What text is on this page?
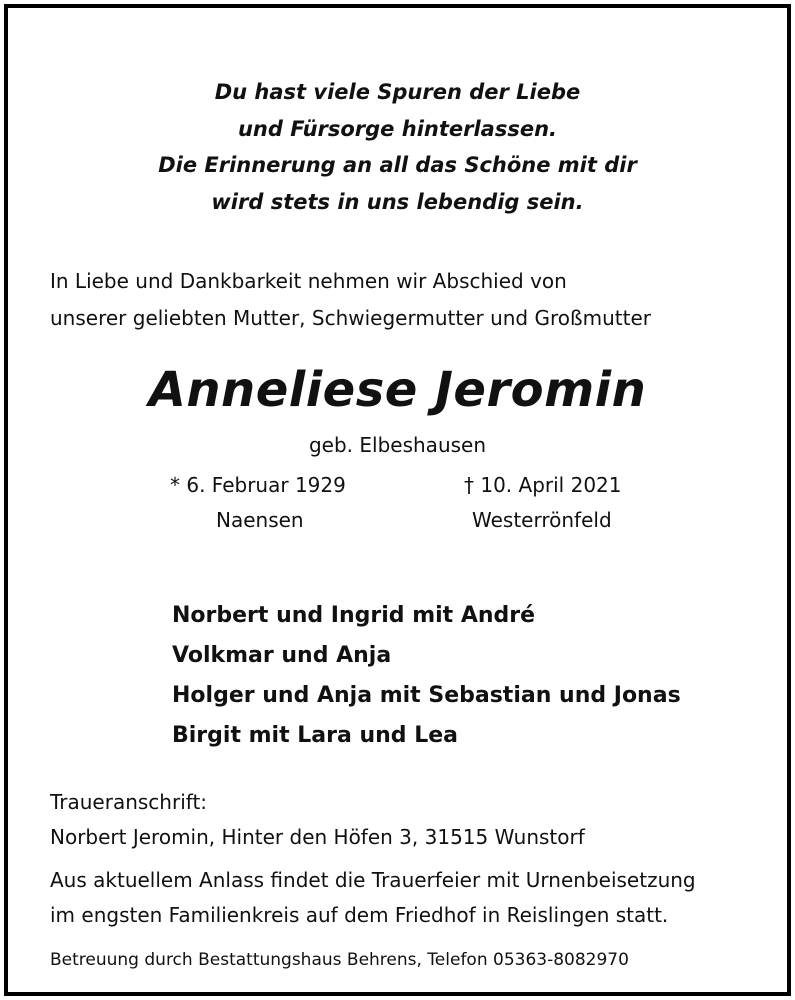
Du hast viele Spuren der Liebe
und Fürsorge hinterlassen.
Die Erinnerung an all das Schöne mit dir
wird stets in uns lebendig sein.
In Liebe und Dankbarkeit nehmen wir Abschied von
unserer geliebten Mutter, Schwiegermutter und Großmutter
Anneliese Jeromin
geb. Elbeshausen
* 6. Februar 1929
Naensen
† 10. April 2021
Westerrönfeld
Norbert und Ingrid mit André
Volkmar und Anja
Holger und Anja mit Sebastian und Jonas
Birgit mit Lara und Lea
Traueranschrift:
Norbert Jeromin, Hinter den Höfen 3, 31515 Wunstorf
Aus aktuellem Anlass findet die Trauerfeier mit Urnenbeisetzung
im engsten Familienkreis auf dem Friedhof in Reislingen statt.
Betreuung durch Bestattungshaus Behrens, Telefon 05363-8082970
